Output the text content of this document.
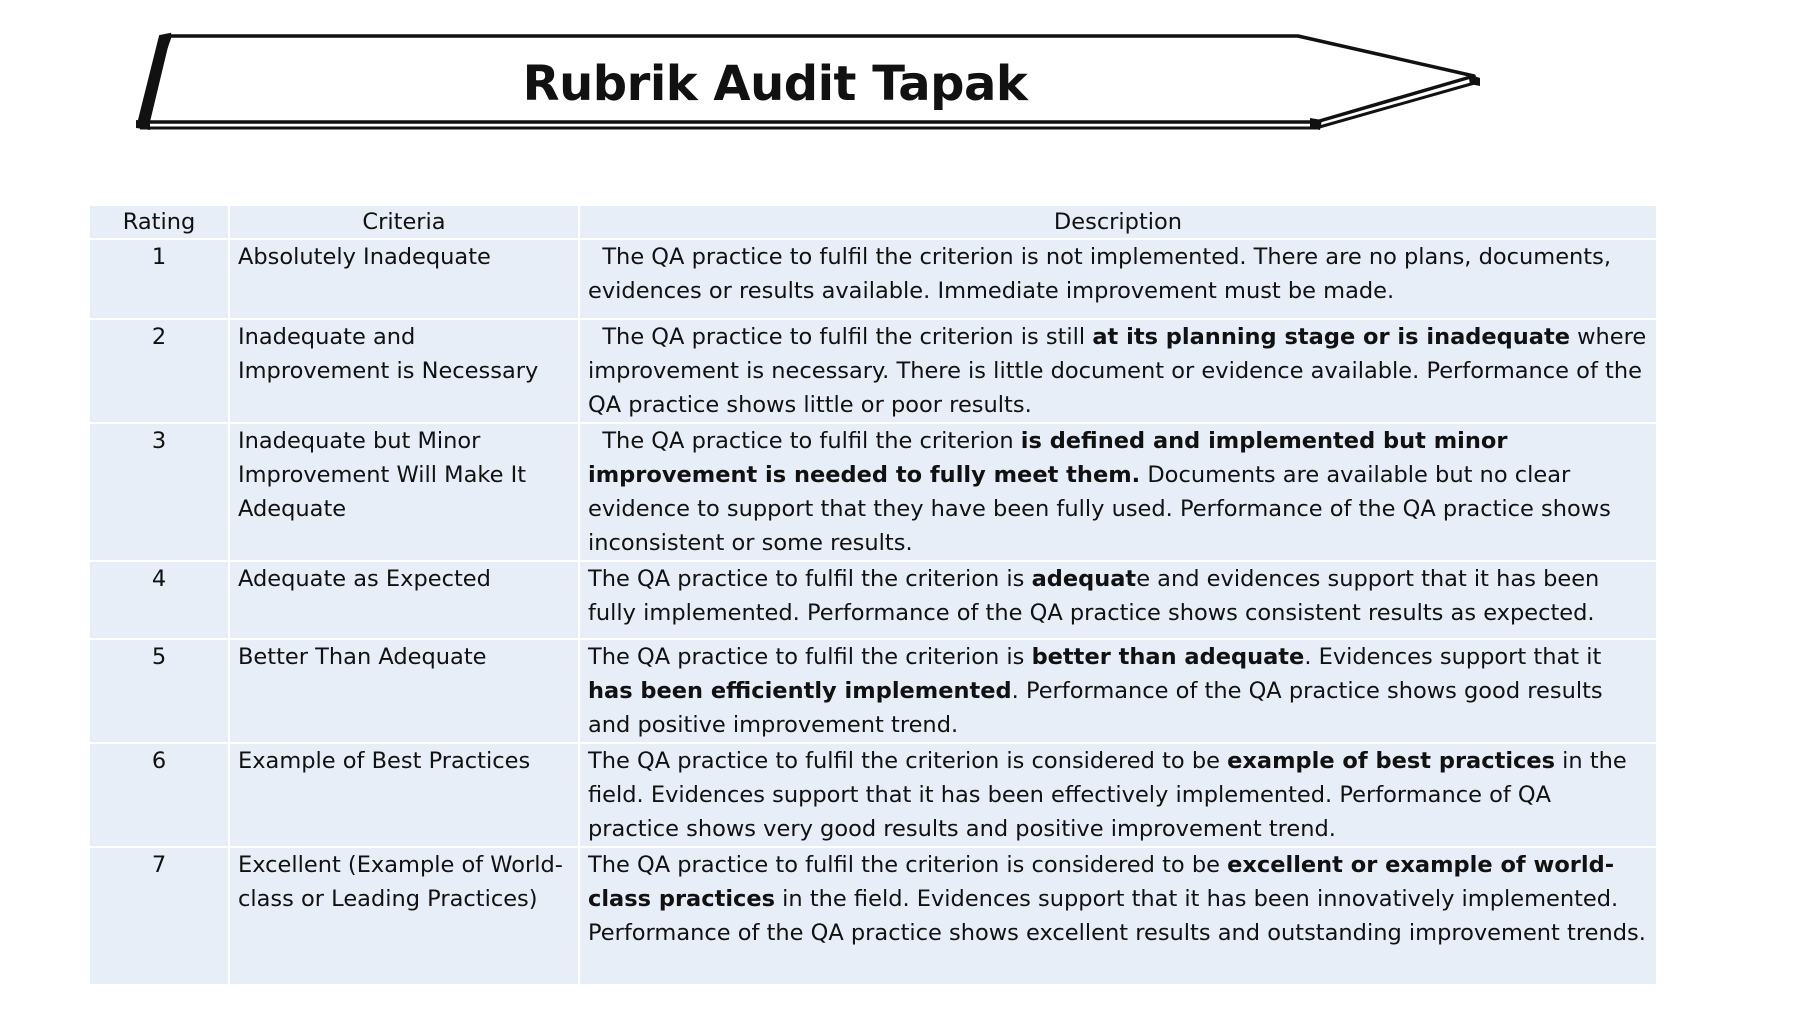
Rubrik Audit Tapak
Rating	Criteria	Description
1	Absolutely Inadequate	The QA practice to fulfil the criterion is not implemented. There are no plans, documents, evidences or results available. Immediate improvement must be made.
2	Inadequate and Improvement is Necessary	The QA practice to fulfil the criterion is still at its planning stage or is inadequate where improvement is necessary. There is little document or evidence available. Performance of the QA practice shows little or poor results.
3	Inadequate but Minor Improvement Will Make It Adequate	The QA practice to fulfil the criterion is defined and implemented but minor improvement is needed to fully meet them. Documents are available but no clear evidence to support that they have been fully used. Performance of the QA practice shows inconsistent or some results.
4	Adequate as Expected	The QA practice to fulfil the criterion is adequate and evidences support that it has been fully implemented. Performance of the QA practice shows consistent results as expected.
5	Better Than Adequate	The QA practice to fulfil the criterion is better than adequate. Evidences support that it has been efficiently implemented. Performance of the QA practice shows good results and positive improvement trend.
6	Example of Best Practices	The QA practice to fulfil the criterion is considered to be example of best practices in the field. Evidences support that it has been effectively implemented. Performance of QA practice shows very good results and positive improvement trend.
7	Excellent (Example of World-class or Leading Practices)	The QA practice to fulfil the criterion is considered to be excellent or example of world-class practices in the field. Evidences support that it has been innovatively implemented. Performance of the QA practice shows excellent results and outstanding improvement trends.
